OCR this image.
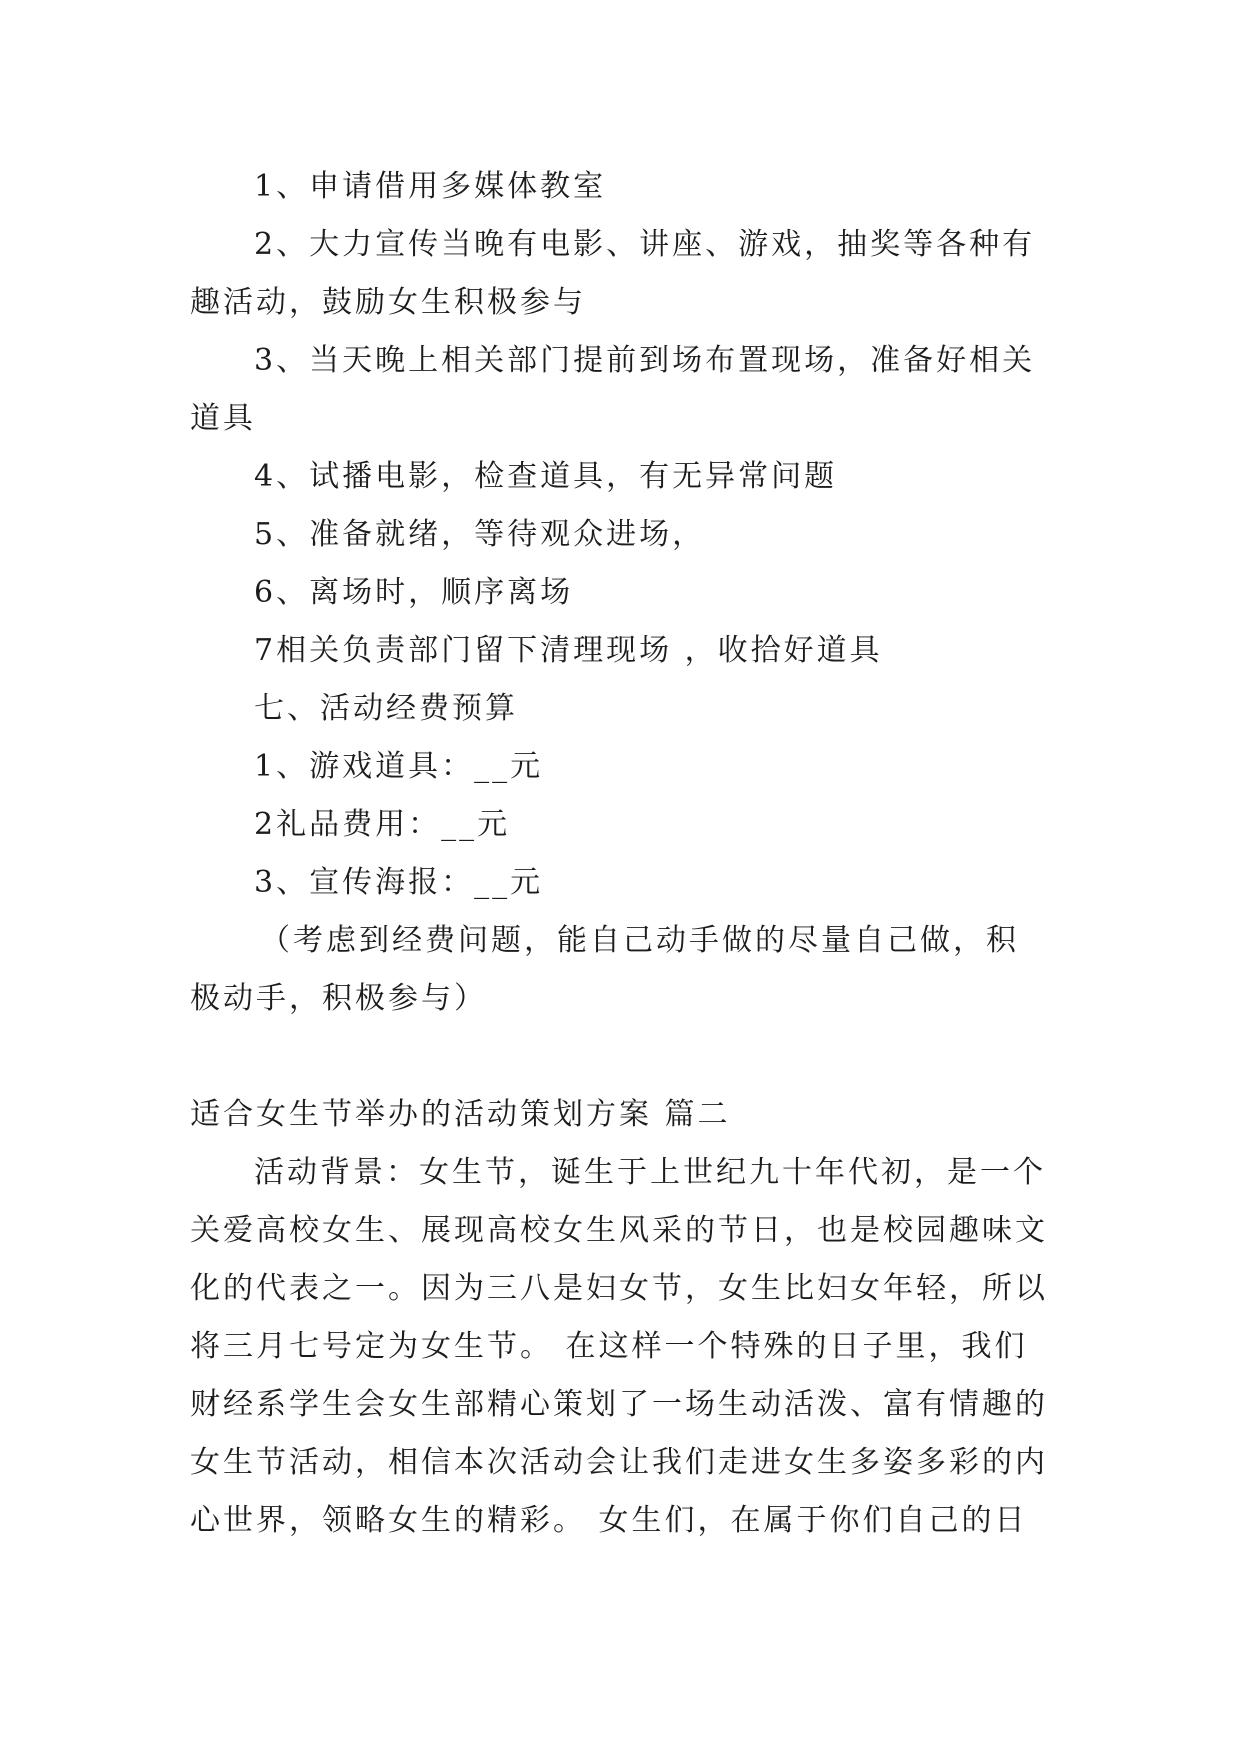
1、申请借用多媒体教室

2、大力宣传当晚有电影、讲座、游戏，抽奖等各种有趣活动，鼓励女生积极参与

3、当天晚上相关部门提前到场布置现场，准备好相关道具

4、试播电影，检查道具，有无异常问题

5、准备就绪，等待观众进场，

6、离场时，顺序离场

7相关负责部门留下清理现场 ，收拾好道具

七、活动经费预算

1、游戏道具：__元

2礼品费用：__元

3、宣传海报：__元

（考虑到经费问题，能自己动手做的尽量自己做，积极动手，积极参与）

适合女生节举办的活动策划方案 篇二

活动背景：女生节，诞生于上世纪九十年代初，是一个关爱高校女生、展现高校女生风采的节日，也是校园趣味文化的代表之一。因为三八是妇女节，女生比妇女年轻，所以将三月七号定为女生节。 在这样一个特殊的日子里，我们财经系学生会女生部精心策划了一场生动活泼、富有情趣的女生节活动，相信本次活动会让我们走进女生多姿多彩的内心世界，领略女生的精彩。 女生们，在属于你们自己的日
